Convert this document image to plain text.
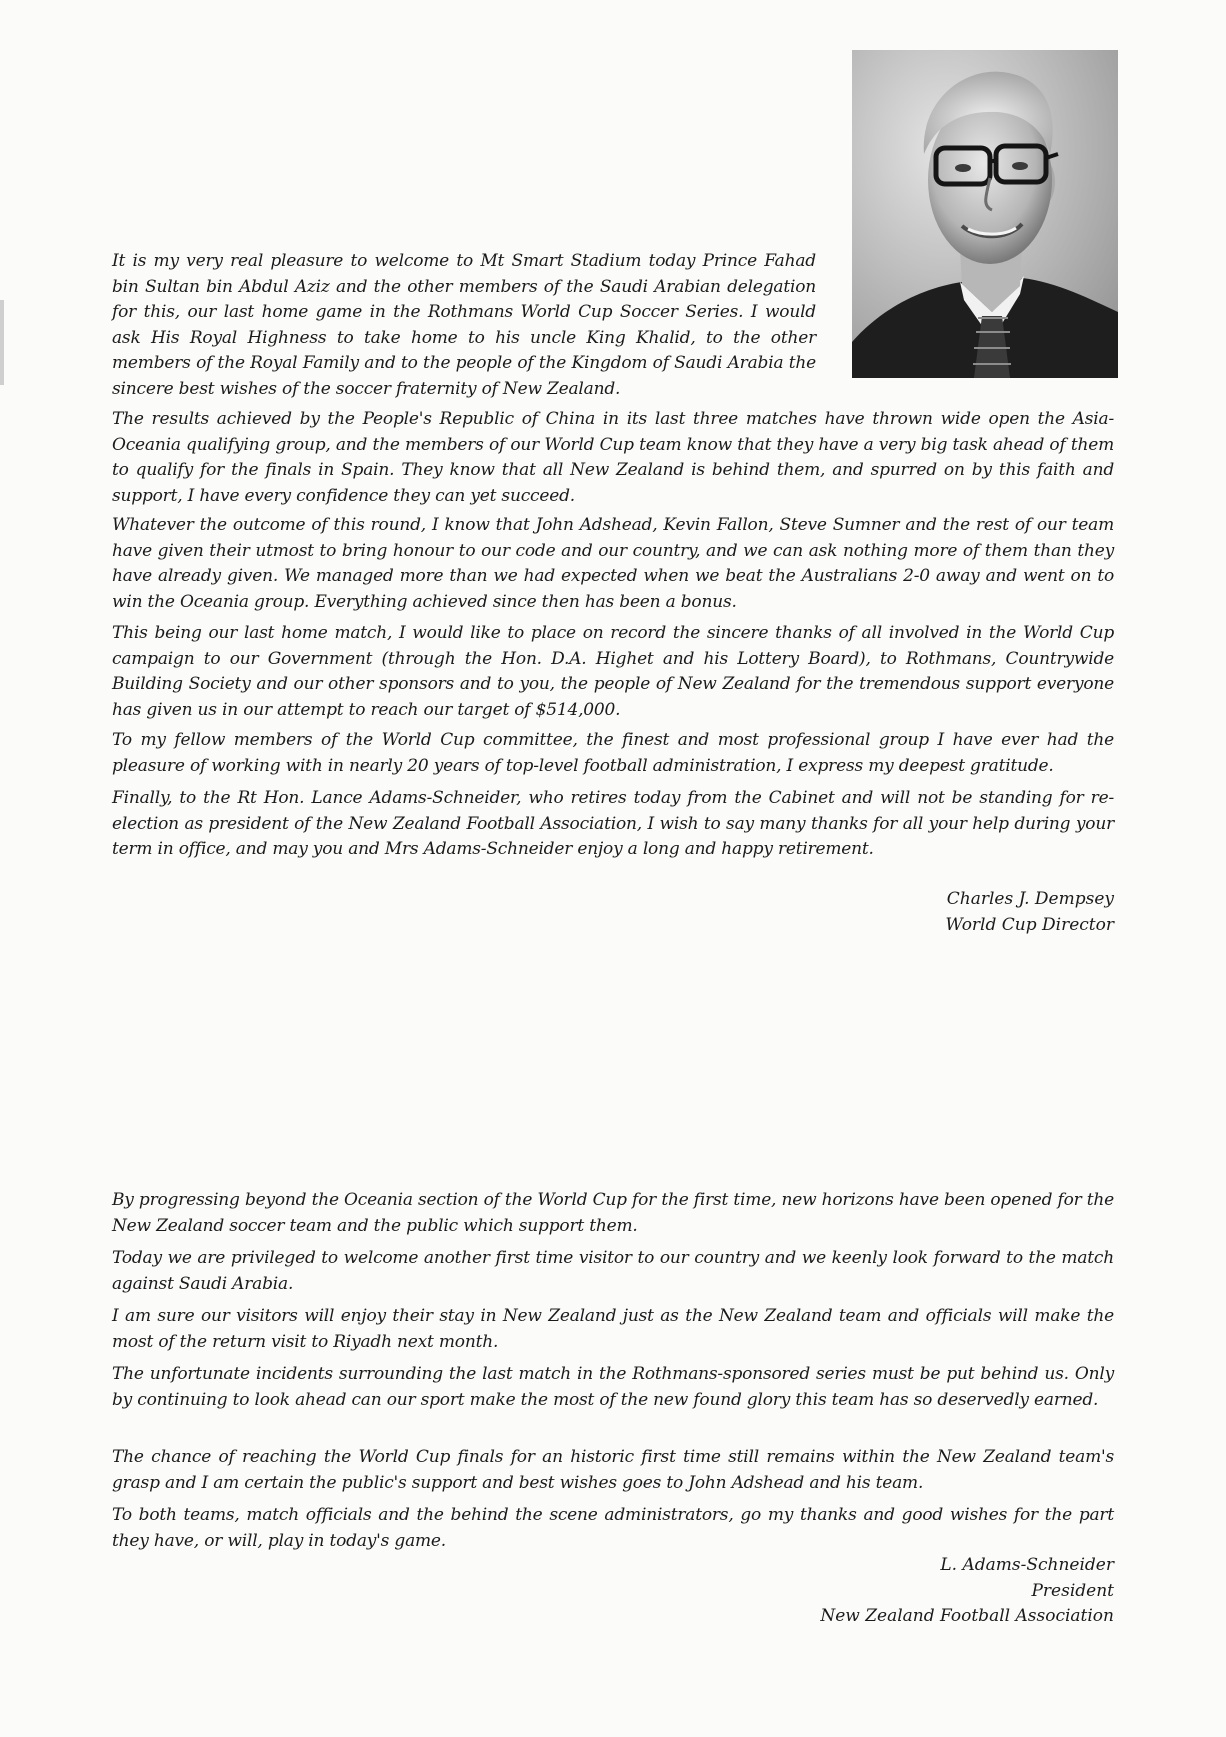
It is my very real pleasure to welcome to Mt Smart Stadium today Prince Fahad bin Sultan bin Abdul Aziz and the other members of the Saudi Arabian delegation for this, our last home game in the Rothmans World Cup Soccer Series. I would ask His Royal Highness to take home to his uncle King Khalid, to the other members of the Royal Family and to the people of the Kingdom of Saudi Arabia the sincere best wishes of the soccer fraternity of New Zealand.

The results achieved by the People's Republic of China in its last three matches have thrown wide open the Asia-Oceania qualifying group, and the members of our World Cup team know that they have a very big task ahead of them to qualify for the finals in Spain. They know that all New Zealand is behind them, and spurred on by this faith and support, I have every confidence they can yet succeed.

Whatever the outcome of this round, I know that John Adshead, Kevin Fallon, Steve Sumner and the rest of our team have given their utmost to bring honour to our code and our country, and we can ask nothing more of them than they have already given. We managed more than we had expected when we beat the Australians 2-0 away and went on to win the Oceania group. Everything achieved since then has been a bonus.

This being our last home match, I would like to place on record the sincere thanks of all involved in the World Cup campaign to our Government (through the Hon. D.A. Highet and his Lottery Board), to Rothmans, Countrywide Building Society and our other sponsors and to you, the people of New Zealand for the tremendous support everyone has given us in our attempt to reach our target of $514,000.

To my fellow members of the World Cup committee, the finest and most professional group I have ever had the pleasure of working with in nearly 20 years of top-level football administration, I express my deepest gratitude.

Finally, to the Rt Hon. Lance Adams-Schneider, who retires today from the Cabinet and will not be standing for re-election as president of the New Zealand Football Association, I wish to say many thanks for all your help during your term in office, and may you and Mrs Adams-Schneider enjoy a long and happy retirement.

Charles J. Dempsey
World Cup Director

By progressing beyond the Oceania section of the World Cup for the first time, new horizons have been opened for the New Zealand soccer team and the public which support them.

Today we are privileged to welcome another first time visitor to our country and we keenly look forward to the match against Saudi Arabia.

I am sure our visitors will enjoy their stay in New Zealand just as the New Zealand team and officials will make the most of the return visit to Riyadh next month.

The unfortunate incidents surrounding the last match in the Rothmans-sponsored series must be put behind us. Only by continuing to look ahead can our sport make the most of the new found glory this team has so deservedly earned.

The chance of reaching the World Cup finals for an historic first time still remains within the New Zealand team's grasp and I am certain the public's support and best wishes goes to John Adshead and his team.

To both teams, match officials and the behind the scene administrators, go my thanks and good wishes for the part they have, or will, play in today's game.

L. Adams-Schneider
President
New Zealand Football Association
